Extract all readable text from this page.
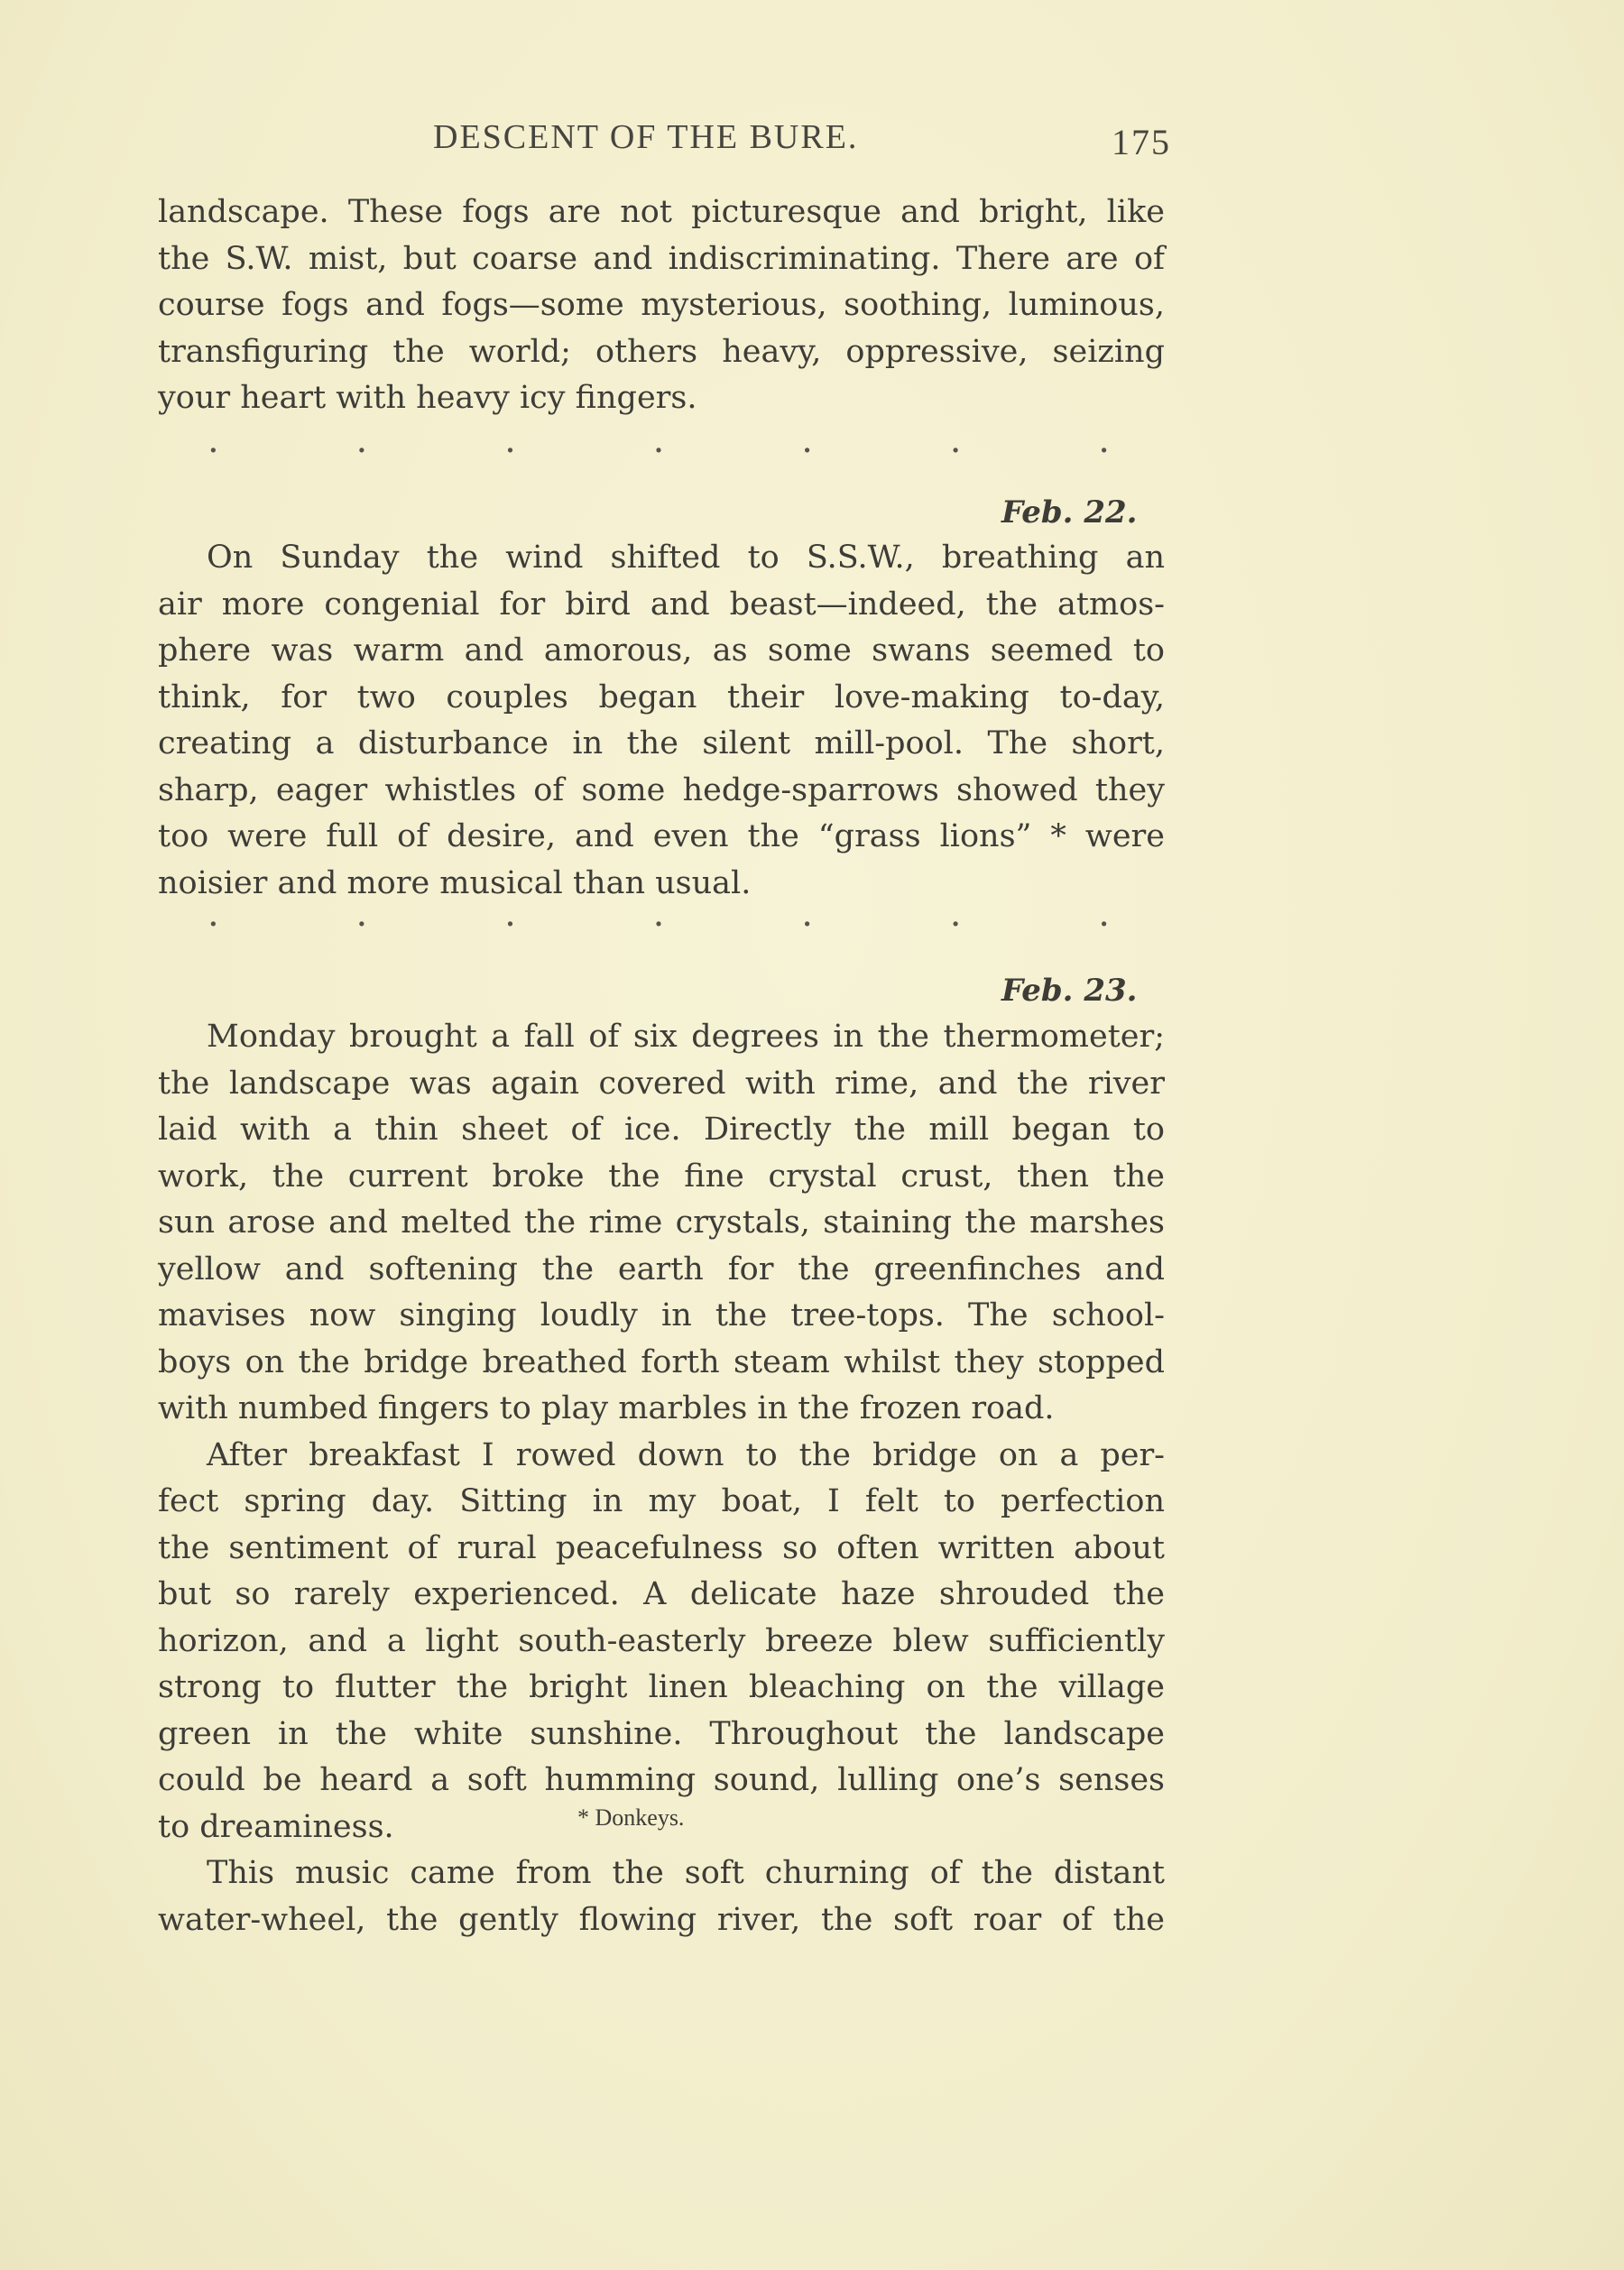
DESCENT OF THE BURE.	175
landscape. These fogs are not picturesque and bright, like
the S.W. mist, but coarse and indiscriminating. There are of
course fogs and fogs—some mysterious, soothing, luminous,
transfiguring the world; others heavy, oppressive, seizing
your heart with heavy icy fingers.
.	.	.	.	.	.	.
Feb. 22.
On Sunday the wind shifted to S.S.W., breathing an
air more congenial for bird and beast—indeed, the atmos-
phere was warm and amorous, as some swans seemed to
think, for two couples began their love-making to-day,
creating a disturbance in the silent mill-pool. The short,
sharp, eager whistles of some hedge-sparrows showed they
too were full of desire, and even the “grass lions” * were
noisier and more musical than usual.
.	.	.	.	.	.	.
Feb. 23.
Monday brought a fall of six degrees in the thermometer;
the landscape was again covered with rime, and the river
laid with a thin sheet of ice. Directly the mill began to
work, the current broke the fine crystal crust, then the
sun arose and melted the rime crystals, staining the marshes
yellow and softening the earth for the greenfinches and
mavises now singing loudly in the tree-tops. The school-
boys on the bridge breathed forth steam whilst they stopped
with numbed fingers to play marbles in the frozen road.
After breakfast I rowed down to the bridge on a per-
fect spring day. Sitting in my boat, I felt to perfection
the sentiment of rural peacefulness so often written about
but so rarely experienced. A delicate haze shrouded the
horizon, and a light south-easterly breeze blew sufficiently
strong to flutter the bright linen bleaching on the village
green in the white sunshine. Throughout the landscape
could be heard a soft humming sound, lulling one’s senses
to dreaminess.
This music came from the soft churning of the distant
water-wheel, the gently flowing river, the soft roar of the
* Donkeys.
